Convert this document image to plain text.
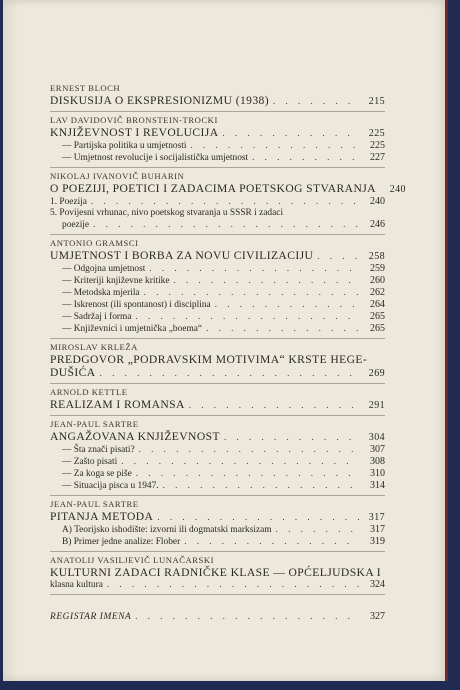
ERNEST BLOCH
DISKUSIJA O EKSPRESIONIZMU (1938) . . .	215
LAV DAVIDOVIČ BRONSTEIN-TROCKI
KNJIŽEVNOST I REVOLUCIJA . . .	225
— Partijska politika u umjetnosti . . .	225
— Umjetnost revolucije i socijalistička umjetnost . . .	227
NIKOLAJ IVANOVIČ BUHARIN
O POEZIJI, POETICI I ZADACIMA POETSKOG STVARANJA	240
1. Poezija . . .	240
5. Povijesni vrhunac, nivo poetskog stvaranja u SSSR i zadaci
poezije . . .	246
ANTONIO GRAMSCI
UMJETNOST I BORBA ZA NOVU CIVILIZACIJU . . .	258
— Odgojna umjetnost . . .	259
— Kriteriji književne kritike . . .	260
— Metodska mjerila . . .	262
— Iskrenost (ili spontanost) i disciplina . . .	264
— Sadržaj i forma . . .	265
— Književnici i umjetnička „boema“ . . .	265
MIROSLAV KRLEŽA
PREDGOVOR „PODRAVSKIM MOTIVIMA“ KRSTE HEGE-
DUŠIĆA . . .	269
ARNOLD KETTLE
REALIZAM I ROMANSA . . .	291
JEAN-PAUL SARTRE
ANGAŽOVANA KNJIŽEVNOST . . .	304
— Šta znači pisati? . . .	307
— Zašto pisati . . .	308
— Za koga se piše . . .	310
— Situacija pisca u 1947. . . .	314
JEAN-PAUL SARTRE
PITANJA METODA . . .	317
A) Teorijsko ishodište: izvorni ili dogmatski marksizam . . .	317
B) Primer jedne analize: Flober . . .	319
ANATOLIJ VASILJEVIČ LUNAČARSKI
KULTURNI ZADACI RADNIČKE KLASE — OPĆELJUDSKA I
klasna kultura . . .	324
REGISTAR IMENA . . .	327
